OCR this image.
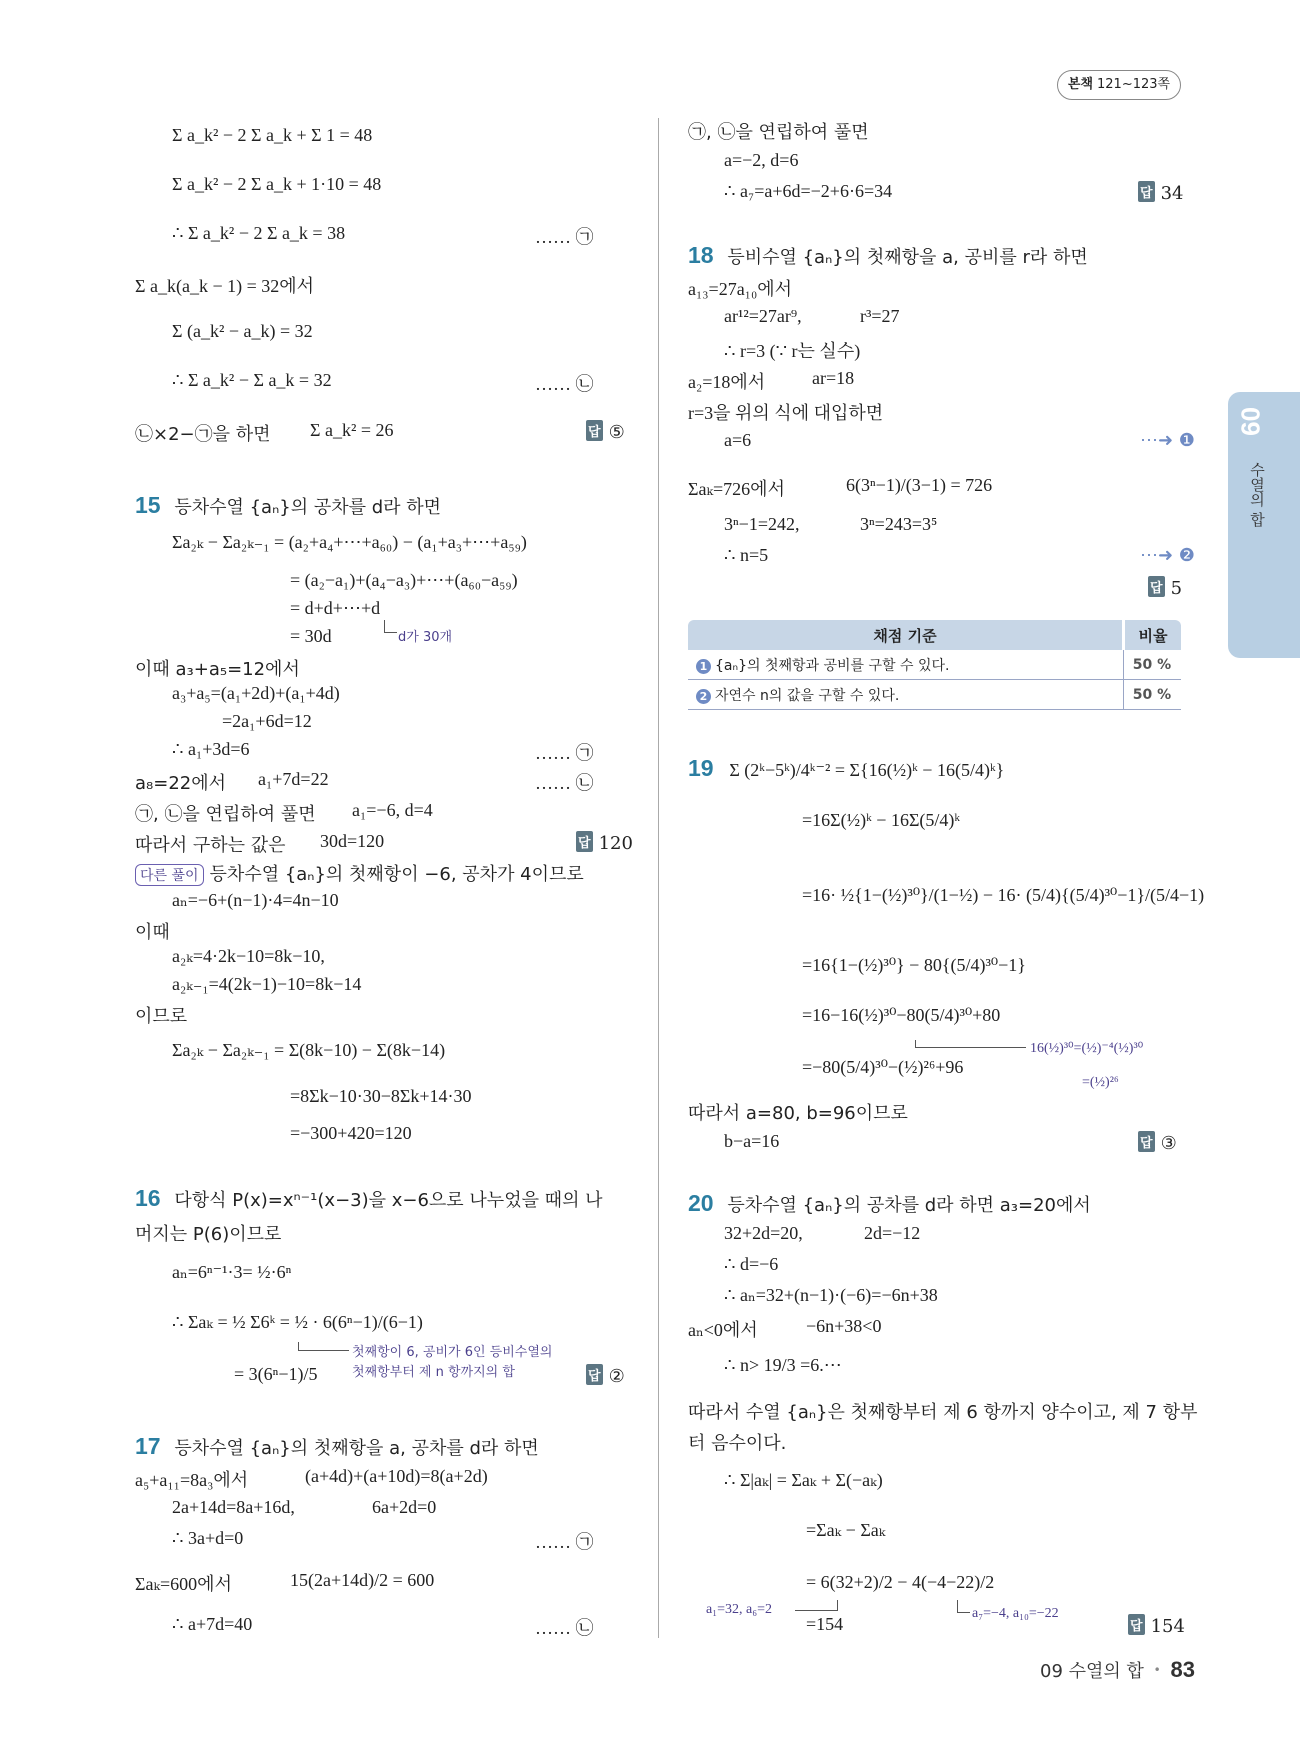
본책 121~123쪽
09
수열의 합
Σ a_k² − 2 Σ a_k + Σ 1 = 48
Σ a_k² − 2 Σ a_k + 1·10 = 48
∴ Σ a_k² − 2 Σ a_k = 38	…… ㉠
Σ a_k(a_k − 1) = 32에서
Σ (a_k² − a_k) = 32
∴ Σ a_k² − Σ a_k = 32	…… ㉡
㉡×2−㉠을 하면 Σ a_k² = 26	답 ⑤
15 등차수열 {aₙ}의 공차를 d라 하면
Σa₂ₖ − Σa₂ₖ₋₁ = (a₂+a₄+⋯+a₆₀) − (a₁+a₃+⋯+a₅₉)
= (a₂−a₁)+(a₄−a₃)+⋯+(a₆₀−a₅₉)
= d+d+⋯+d
= 30d	d가 30개
이때 a₃+a₅=12에서
a₃+a₅=(a₁+2d)+(a₁+4d)
=2a₁+6d=12
∴ a₁+3d=6	…… ㉠
a₈=22에서 a₁+7d=22	…… ㉡
㉠, ㉡을 연립하여 풀면 a₁=−6, d=4
따라서 구하는 값은 30d=120	답 120
다른 풀이 등차수열 {aₙ}의 첫째항이 −6, 공차가 4이므로
aₙ=−6+(n−1)·4=4n−10
이때
a₂ₖ=4·2k−10=8k−10,
a₂ₖ₋₁=4(2k−1)−10=8k−14
이므로
Σa₂ₖ − Σa₂ₖ₋₁ = Σ(8k−10) − Σ(8k−14)
=8Σk−10·30−8Σk+14·30
=−300+420=120
16 다항식 P(x)=xⁿ⁻¹(x−3)을 x−6으로 나누었을 때의 나
머지는 P(6)이므로
aₙ=6ⁿ⁻¹·3= ½·6ⁿ
∴ Σaₖ = ½ Σ6ᵏ = ½ · 6(6ⁿ−1)/(6−1)
= 3(6ⁿ−1)/5
첫째항이 6, 공비가 6인 등비수열의
첫째항부터 제 n 항까지의 합	답 ②
17 등차수열 {aₙ}의 첫째항을 a, 공차를 d라 하면
a₅+a₁₁=8a₃에서	(a+4d)+(a+10d)=8(a+2d)
2a+14d=8a+16d,	6a+2d=0
∴ 3a+d=0	…… ㉠
Σaₖ=600에서	15(2a+14d)/2 = 600
∴ a+7d=40	…… ㉡
㉠, ㉡을 연립하여 풀면
a=−2, d=6
∴ a₇=a+6d=−2+6·6=34	답 34
18 등비수열 {aₙ}의 첫째항을 a, 공비를 r라 하면
a₁₃=27a₁₀에서
ar¹²=27ar⁹,	r³=27
∴ r=3 (∵ r는 실수)
a₂=18에서	ar=18
r=3을 위의 식에 대입하면
a=6	⋯➜ ❶
Σaₖ=726에서	6(3ⁿ−1)/(3−1) = 726
3ⁿ−1=242,	3ⁿ=243=3⁵
∴ n=5	⋯➜ ❷
답 5
채점 기준	비율
1 {aₙ}의 첫째항과 공비를 구할 수 있다.	50 %
2 자연수 n의 값을 구할 수 있다.	50 %
19 Σ (2ᵏ−5ᵏ)/4ᵏ⁻² = Σ{16(½)ᵏ − 16(5/4)ᵏ}
=16Σ(½)ᵏ − 16Σ(5/4)ᵏ
=16· ½{1−(½)³⁰}/(1−½) − 16· (5/4){(5/4)³⁰−1}/(5/4−1)
=16{1−(½)³⁰} − 80{(5/4)³⁰−1}
=16−16(½)³⁰−80(5/4)³⁰+80
16(½)³⁰=(½)⁻⁴(½)³⁰
=(½)²⁶
=−80(5/4)³⁰−(½)²⁶+96
따라서 a=80, b=96이므로
b−a=16	답 ③
20 등차수열 {aₙ}의 공차를 d라 하면 a₃=20에서
32+2d=20,	2d=−12
∴ d=−6
∴ aₙ=32+(n−1)·(−6)=−6n+38
aₙ<0에서	−6n+38<0
∴ n> 19/3 =6.⋯
따라서 수열 {aₙ}은 첫째항부터 제 6 항까지 양수이고, 제 7 항부
터 음수이다.
∴ Σ|aₖ| = Σaₖ + Σ(−aₖ)
=Σaₖ − Σaₖ
= 6(32+2)/2 − 4(−4−22)/2
a₁=32, a₆=2	a₇=−4, a₁₀=−22
=154	답 154
09 수열의 합 • 83
